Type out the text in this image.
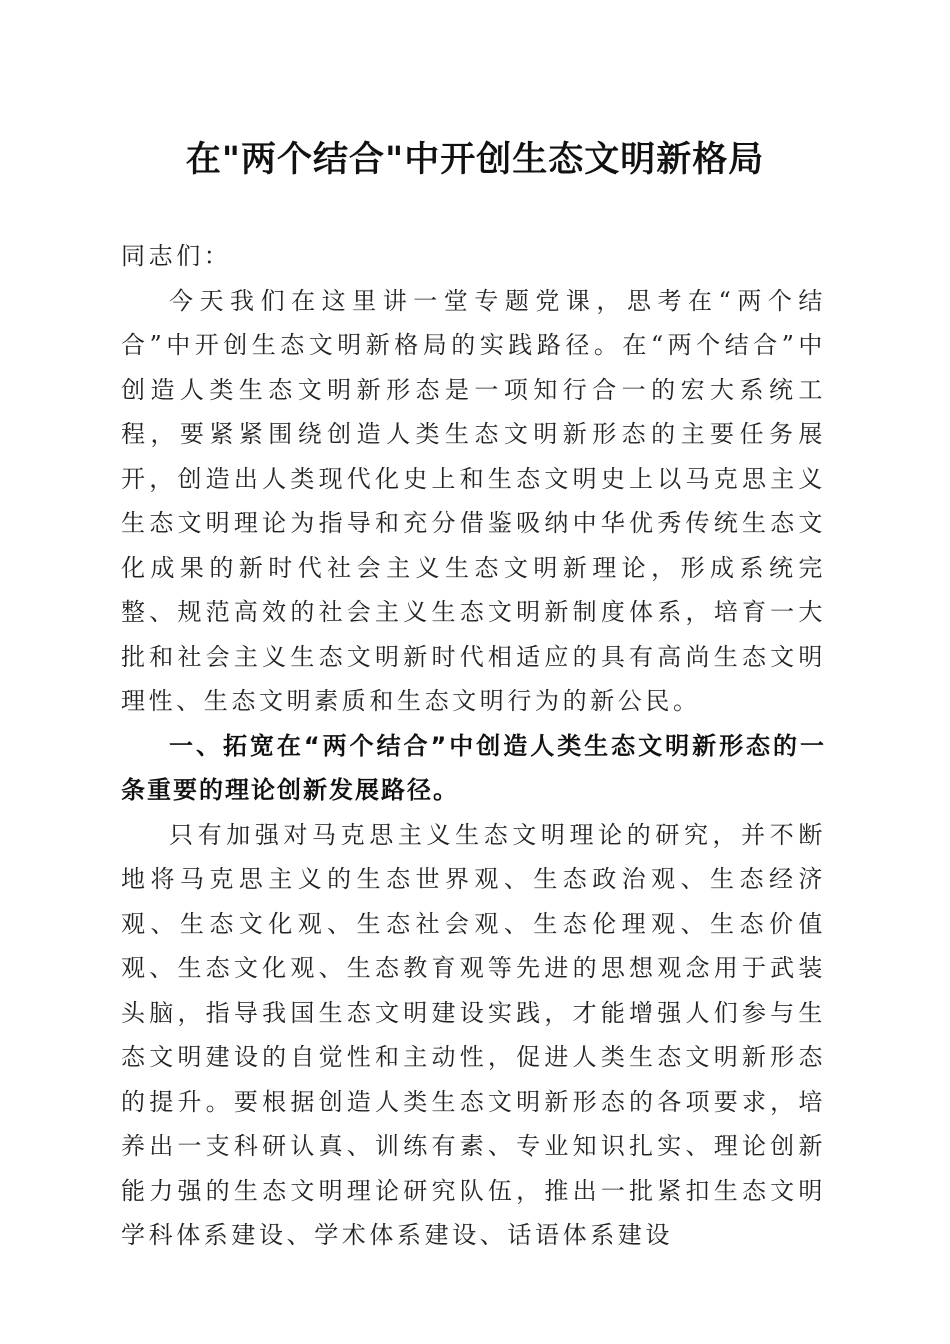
在"两个结合"中开创生态文明新格局

同志们：

今天我们在这里讲一堂专题党课，思考在“两个结合”中开创生态文明新格局的实践路径。在“两个结合”中创造人类生态文明新形态是一项知行合一的宏大系统工程，要紧紧围绕创造人类生态文明新形态的主要任务展开，创造出人类现代化史上和生态文明史上以马克思主义生态文明理论为指导和充分借鉴吸纳中华优秀传统生态文化成果的新时代社会主义生态文明新理论，形成系统完整、规范高效的社会主义生态文明新制度体系，培育一大批和社会主义生态文明新时代相适应的具有高尚生态文明理性、生态文明素质和生态文明行为的新公民。

一、拓宽在“两个结合”中创造人类生态文明新形态的一条重要的理论创新发展路径。

只有加强对马克思主义生态文明理论的研究，并不断地将马克思主义的生态世界观、生态政治观、生态经济观、生态文化观、生态社会观、生态伦理观、生态价值观、生态文化观、生态教育观等先进的思想观念用于武装头脑，指导我国生态文明建设实践，才能增强人们参与生态文明建设的自觉性和主动性，促进人类生态文明新形态的提升。要根据创造人类生态文明新形态的各项要求，培养出一支科研认真、训练有素、专业知识扎实、理论创新能力强的生态文明理论研究队伍，推出一批紧扣生态文明学科体系建设、学术体系建设、话语体系建设
